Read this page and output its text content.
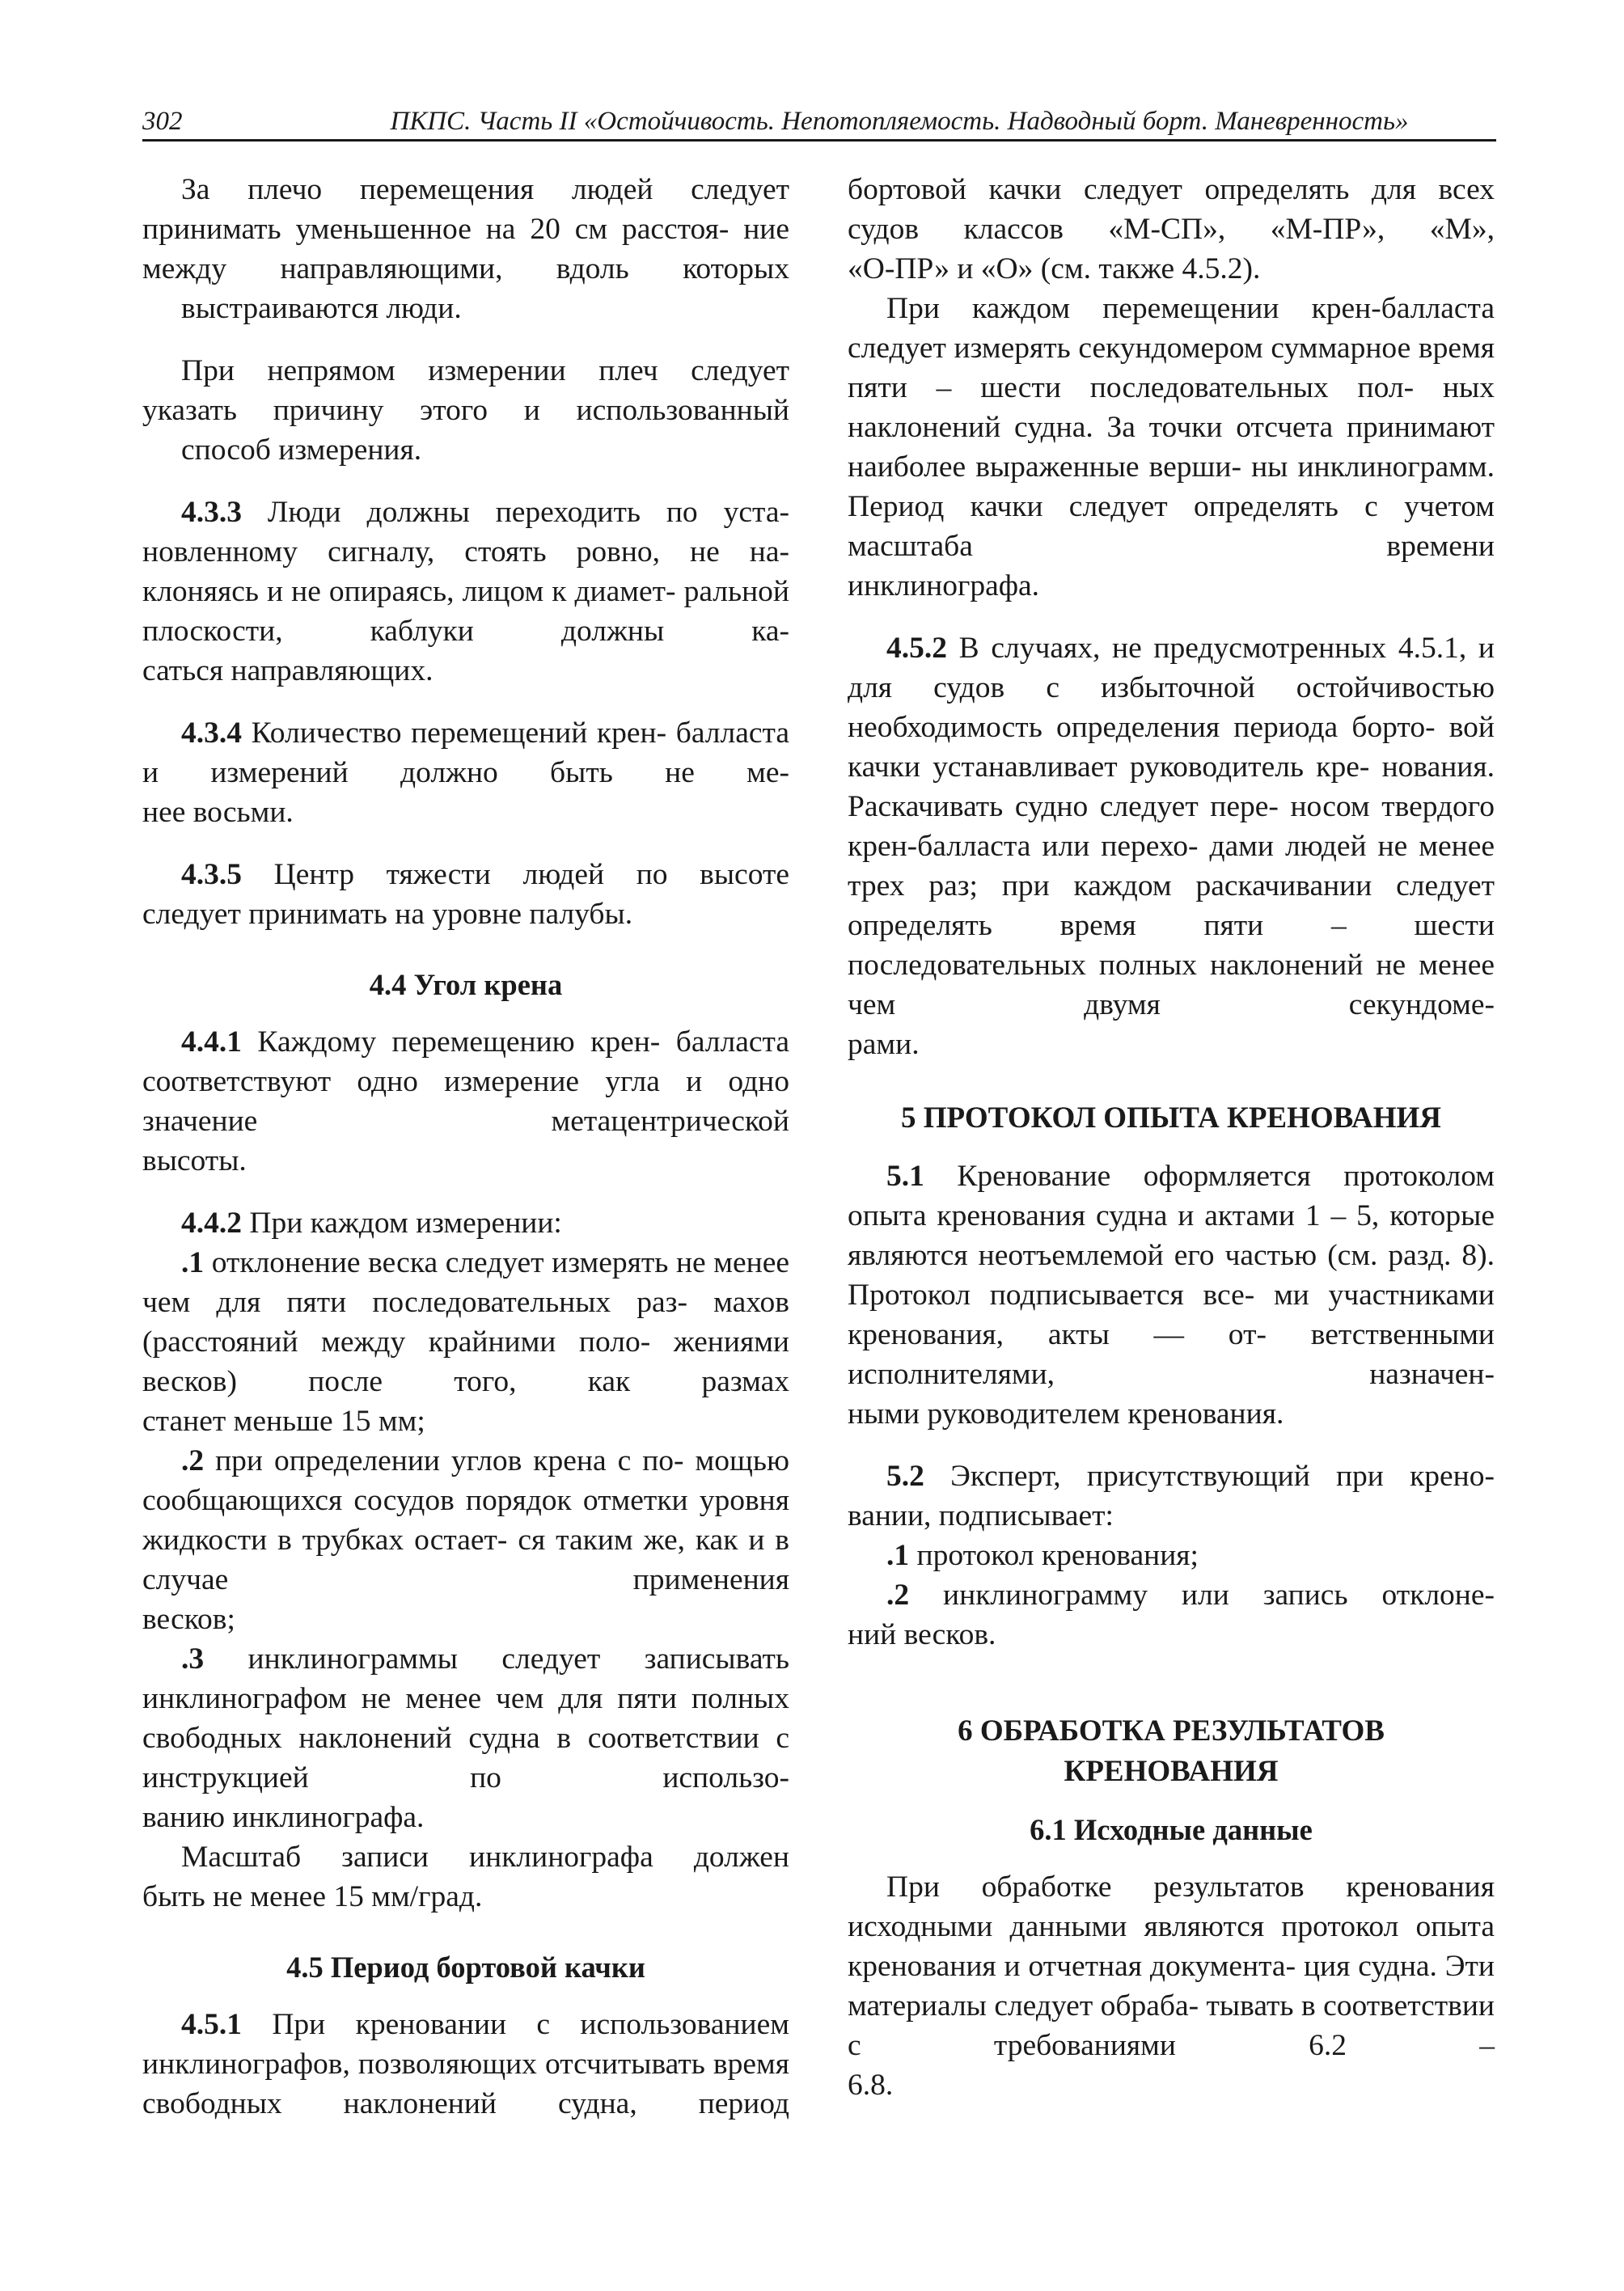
302	ПКПС. Часть II «Остойчивость. Непотопляемость. Надводный борт. Маневренность»

За плечо перемещения людей следует принимать уменьшенное на 20 см расстоя- ние между направляющими, вдоль которых

выстраиваются люди.

При непрямом измерении плеч следует указать причину этого и использованный

способ измерения.

4.3.3 Люди должны переходить по уста- новленному сигналу, стоять ровно, не на- клоняясь и не опираясь, лицом к диамет- ральной плоскости, каблуки должны ка-

саться направляющих.

4.3.4 Количество перемещений крен- балласта и измерений должно быть не ме-

нее восьми.

4.3.5 Центр тяжести людей по высоте

следует принимать на уровне палубы.

4.4 Угол крена

4.4.1 Каждому перемещению крен- балласта соответствуют одно измерение угла и одно значение метацентрической

высоты.

4.4.2 При каждом измерении:

.1 отклонение веска следует измерять не менее чем для пяти последовательных раз- махов (расстояний между крайними поло- жениями весков) после того, как размах

станет меньше 15 мм;

.2 при определении углов крена с по- мощью сообщающихся сосудов порядок отметки уровня жидкости в трубках остает- ся таким же, как и в случае применения

весков;

.3 инклинограммы следует записывать инклинографом не менее чем для пяти полных свободных наклонений судна в соответствии с инструкцией по использо-

ванию инклинографа.

Масштаб записи инклинографа должен

быть не менее 15 мм/град.

4.5 Период бортовой качки

4.5.1 При креновании с использованием инклинографов, позволяющих отсчитывать время свободных наклонений судна, период

бортовой качки следует определять для всех судов классов «М-СП», «М-ПР», «М»,

«О-ПР» и «О» (см. также 4.5.2).

При каждом перемещении крен-балласта следует измерять секундомером суммарное время пяти – шести последовательных пол- ных наклонений судна. За точки отсчета принимают наиболее выраженные верши- ны инклинограмм. Период качки следует определять с учетом масштаба времени

инклинографа.

4.5.2 В случаях, не предусмотренных 4.5.1, и для судов с избыточной остойчивостью необходимость определения периода борто- вой качки устанавливает руководитель кре- нования. Раскачивать судно следует пере- носом твердого крен-балласта или перехо- дами людей не менее трех раз; при каждом раскачивании следует определять время пяти – шести последовательных полных наклонений не менее чем двумя секундоме-

рами.

5 ПРОТОКОЛ ОПЫТА КРЕНОВАНИЯ

5.1 Кренование оформляется протоколом опыта кренования судна и актами 1 – 5, которые являются неотъемлемой его частью (см. разд. 8). Протокол подписывается все- ми участниками кренования, акты — от- ветственными исполнителями, назначен-

ными руководителем кренования.

5.2 Эксперт, присутствующий при крено-

вании, подписывает:

.1 протокол кренования;

.2 инклинограмму или запись отклоне-

ний весков.

6 ОБРАБОТКА РЕЗУЛЬТАТОВ
КРЕНОВАНИЯ
6.1 Исходные данные

При обработке результатов кренования исходными данными являются протокол опыта кренования и отчетная документа- ция судна. Эти материалы следует обраба- тывать в соответствии с требованиями 6.2 –

6.8.
